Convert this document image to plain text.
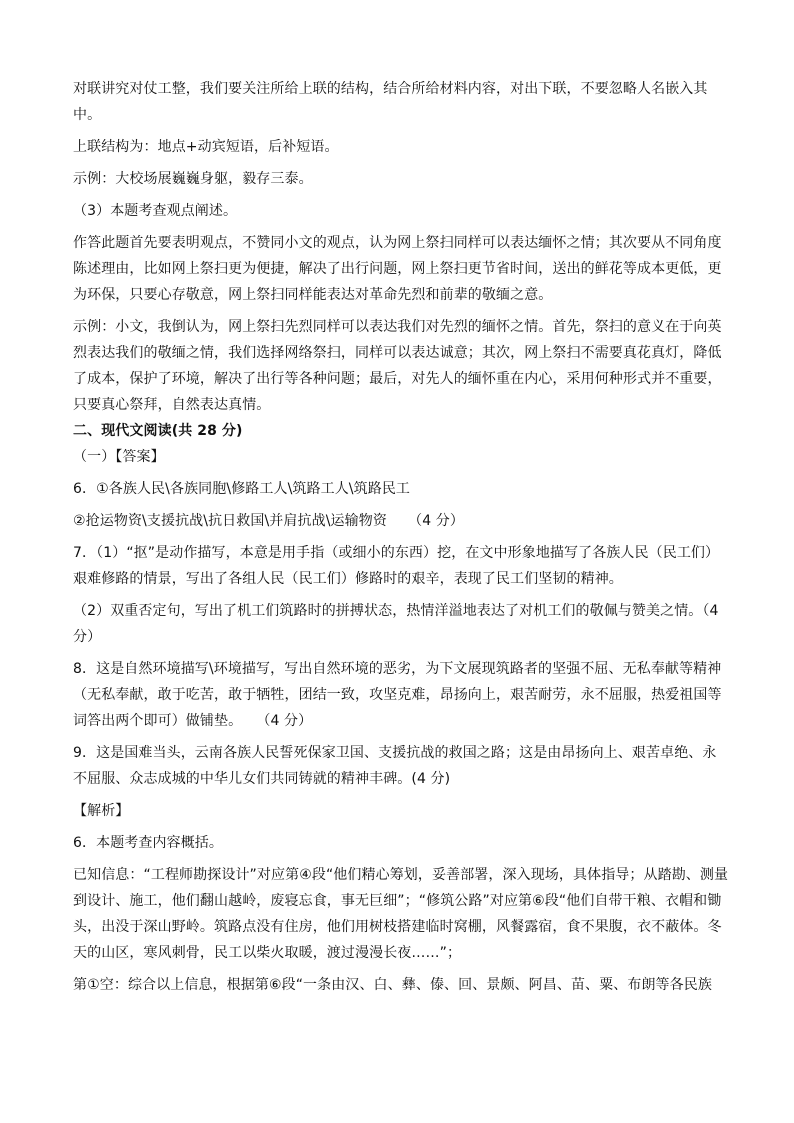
对联讲究对仗工整，我们要关注所给上联的结构，结合所给材料内容，对出下联，不要忽略人名嵌入其中。

上联结构为：地点+动宾短语，后补短语。

示例：大校场展巍巍身躯，毅存三泰。

（3）本题考查观点阐述。

作答此题首先要表明观点，不赞同小文的观点，认为网上祭扫同样可以表达缅怀之情；其次要从不同角度陈述理由，比如网上祭扫更为便捷，解决了出行问题，网上祭扫更节省时间，送出的鲜花等成本更低，更为环保，只要心存敬意，网上祭扫同样能表达对革命先烈和前辈的敬缅之意。

示例：小文，我倒认为，网上祭扫先烈同样可以表达我们对先烈的缅怀之情。首先，祭扫的意义在于向英烈表达我们的敬缅之情，我们选择网络祭扫，同样可以表达诚意；其次，网上祭扫不需要真花真灯，降低了成本，保护了环境，解决了出行等各种问题；最后，对先人的缅怀重在内心，采用何种形式并不重要，只要真心祭拜，自然表达真情。

二、现代文阅读(共 28 分)

（一）【答案】

6．①各族人民\各族同胞\修路工人\筑路工人\筑路民工

②抢运物资\支援抗战\抗日救国\并肩抗战\运输物资　　（4 分）

7．（1）“抠”是动作描写，本意是用手指（或细小的东西）挖，在文中形象地描写了各族人民（民工们）艰难修路的情景，写出了各组人民（民工们）修路时的艰辛，表现了民工们坚韧的精神。

（2）双重否定句，写出了机工们筑路时的拼搏状态，热情洋溢地表达了对机工们的敬佩与赞美之情。（4 分）

8．这是自然环境描写\环境描写，写出自然环境的恶劣，为下文展现筑路者的坚强不屈、无私奉献等精神（无私奉献，敢于吃苦，敢于牺牲，团结一致，攻坚克难，昂扬向上，艰苦耐劳，永不屈服，热爱祖国等词答出两个即可）做铺垫。　　（4 分）

9．这是国难当头，云南各族人民誓死保家卫国、支援抗战的救国之路；这是由昂扬向上、艰苦卓绝、永不屈服、众志成城的中华儿女们共同铸就的精神丰碑。(4 分)

【解析】

6．本题考查内容概括。

已知信息：“工程师勘探设计”对应第④段“他们精心筹划，妥善部署，深入现场，具体指导；从踏勘、测量到设计、施工，他们翻山越岭，废寝忘食，事无巨细”；“修筑公路”对应第⑥段“他们自带干粮、衣帽和锄头，出没于深山野岭。筑路点没有住房，他们用树枝搭建临时窝棚，风餐露宿，食不果腹，衣不蔽体。冬天的山区，寒风刺骨，民工以柴火取暖，渡过漫漫长夜……”；

第①空：综合以上信息，根据第⑥段“一条由汉、白、彝、傣、回、景颇、阿昌、苗、粟、布朗等各民族
